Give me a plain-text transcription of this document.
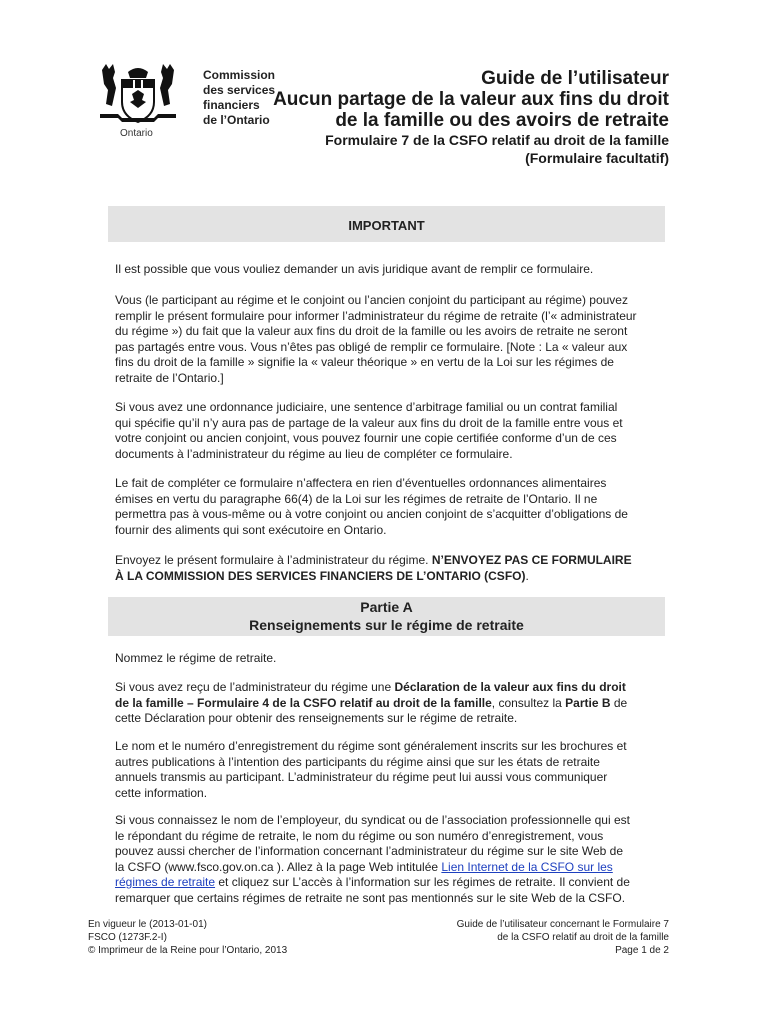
Ontario
Commission
des services
financiers
de l’Ontario
Guide de l’utilisateur
Aucun partage de la valeur aux fins du droit
de la famille ou des avoirs de retraite
Formulaire 7 de la CSFO relatif au droit de la famille
(Formulaire facultatif)
IMPORTANT
Il est possible que vous vouliez demander un avis juridique avant de remplir ce formulaire.
Vous (le participant au régime et le conjoint ou l’ancien conjoint du participant au régime) pouvez
remplir le présent formulaire pour informer l’administrateur du régime de retraite (l’« administrateur
du régime ») du fait que la valeur aux fins du droit de la famille ou les avoirs de retraite ne seront
pas partagés entre vous. Vous n’êtes pas obligé de remplir ce formulaire. [Note : La « valeur aux
fins du droit de la famille » signifie la « valeur théorique » en vertu de la Loi sur les régimes de
retraite de l’Ontario.]
Si vous avez une ordonnance judiciaire, une sentence d’arbitrage familial ou un contrat familial
qui spécifie qu’il n’y aura pas de partage de la valeur aux fins du droit de la famille entre vous et
votre conjoint ou ancien conjoint, vous pouvez fournir une copie certifiée conforme d’un de ces
documents à l’administrateur du régime au lieu de compléter ce formulaire.
Le fait de compléter ce formulaire n’affectera en rien d’éventuelles ordonnances alimentaires
émises en vertu du paragraphe 66(4) de la Loi sur les régimes de retraite de l’Ontario. Il ne
permettra pas à vous-même ou à votre conjoint ou ancien conjoint de s’acquitter d’obligations de
fournir des aliments qui sont exécutoire en Ontario.
Envoyez le présent formulaire à l’administrateur du régime. N’ENVOYEZ PAS CE FORMULAIRE
À LA COMMISSION DES SERVICES FINANCIERS DE L’ONTARIO (CSFO).
Partie A
Renseignements sur le régime de retraite
Nommez le régime de retraite.
Si vous avez reçu de l’administrateur du régime une Déclaration de la valeur aux fins du droit
de la famille – Formulaire 4 de la CSFO relatif au droit de la famille, consultez la Partie B de
cette Déclaration pour obtenir des renseignements sur le régime de retraite.
Le nom et le numéro d’enregistrement du régime sont généralement inscrits sur les brochures et
autres publications à l’intention des participants du régime ainsi que sur les états de retraite
annuels transmis au participant. L’administrateur du régime peut lui aussi vous communiquer
cette information.
Si vous connaissez le nom de l’employeur, du syndicat ou de l’association professionnelle qui est
le répondant du régime de retraite, le nom du régime ou son numéro d’enregistrement, vous
pouvez aussi chercher de l’information concernant l’administrateur du régime sur le site Web de
la CSFO (www.fsco.gov.on.ca ). Allez à la page Web intitulée Lien Internet de la CSFO sur les
régimes de retraite et cliquez sur L’accès à l’information sur les régimes de retraite. Il convient de
remarquer que certains régimes de retraite ne sont pas mentionnés sur le site Web de la CSFO.
En vigueur le (2013-01-01)
FSCO (1273F.2-I)
© Imprimeur de la Reine pour l’Ontario, 2013
Guide de l’utilisateur concernant le Formulaire 7
de la CSFO relatif au droit de la famille
Page 1 de 2
